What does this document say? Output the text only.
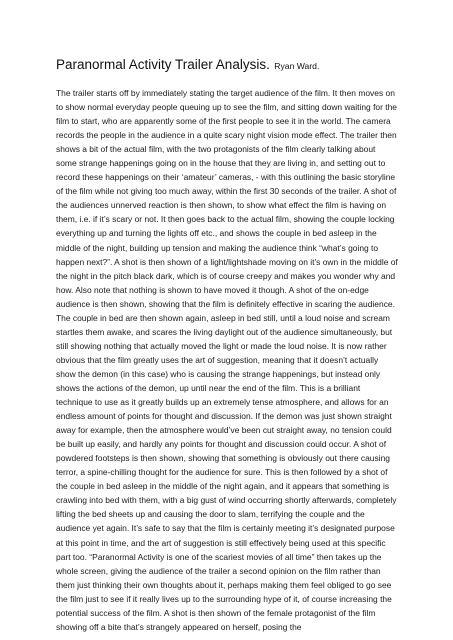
Paranormal Activity Trailer Analysis. Ryan Ward.

The trailer starts off by immediately stating the target audience of the film. It then moves on to show normal everyday people queuing up to see the film, and sitting down waiting for the film to start, who are apparently some of the first people to see it in the world. The camera records the people in the audience in a quite scary night vision mode effect. The trailer then shows a bit of the actual film, with the two protagonists of the film clearly talking about some strange happenings going on in the house that they are living in, and setting out to record these happenings on their ‘amateur’ cameras, - with this outlining the basic storyline of the film while not giving too much away, within the first 30 seconds of the trailer. A shot of the audiences unnerved reaction is then shown, to show what effect the film is having on them, i.e. if it’s scary or not. It then goes back to the actual film, showing the couple locking everything up and turning the lights off etc., and shows the couple in bed asleep in the middle of the night, building up tension and making the audience think “what’s going to happen next?”. A shot is then shown of a light/lightshade moving on it’s own in the middle of the night in the pitch black dark, which is of course creepy and makes you wonder why and how. Also note that nothing is shown to have moved it though. A shot of the on-edge audience is then shown, showing that the film is definitely effective in scaring the audience. The couple in bed are then shown again, asleep in bed still, until a loud noise and scream startles them awake, and scares the living daylight out of the audience simultaneously, but still showing nothing that actually moved the light or made the loud noise. It is now rather obvious that the film greatly uses the art of suggestion, meaning that it doesn’t actually show the demon (in this case) who is causing the strange happenings, but instead only shows the actions of the demon, up until near the end of the film. This is a brilliant technique to use as it greatly builds up an extremely tense atmosphere, and allows for an endless amount of points for thought and discussion. If the demon was just shown straight away for example, then the atmosphere would’ve been cut straight away, no tension could be built up easily, and hardly any points for thought and discussion could occur. A shot of powdered footsteps is then shown, showing that something is obviously out there causing terror, a spine-chilling thought for the audience for sure. This is then followed by a shot of the couple in bed asleep in the middle of the night again, and it appears that something is crawling into bed with them, with a big gust of wind occurring shortly afterwards, completely lifting the bed sheets up and causing the door to slam, terrifying the couple and the audience yet again. It’s safe to say that the film is certainly meeting it’s designated purpose at this point in time, and the art of suggestion is still effectively being used at this specific part too. “Paranormal Activity is one of the scariest movies of all time” then takes up the whole screen, giving the audience of the trailer a second opinion on the film rather than them just thinking their own thoughts about it, perhaps making them feel obliged to go see the film just to see if it really lives up to the surrounding hype of it, of course increasing the potential success of the film. A shot is then shown of the female protagonist of the film showing off a bite that’s strangely appeared on herself, posing the
